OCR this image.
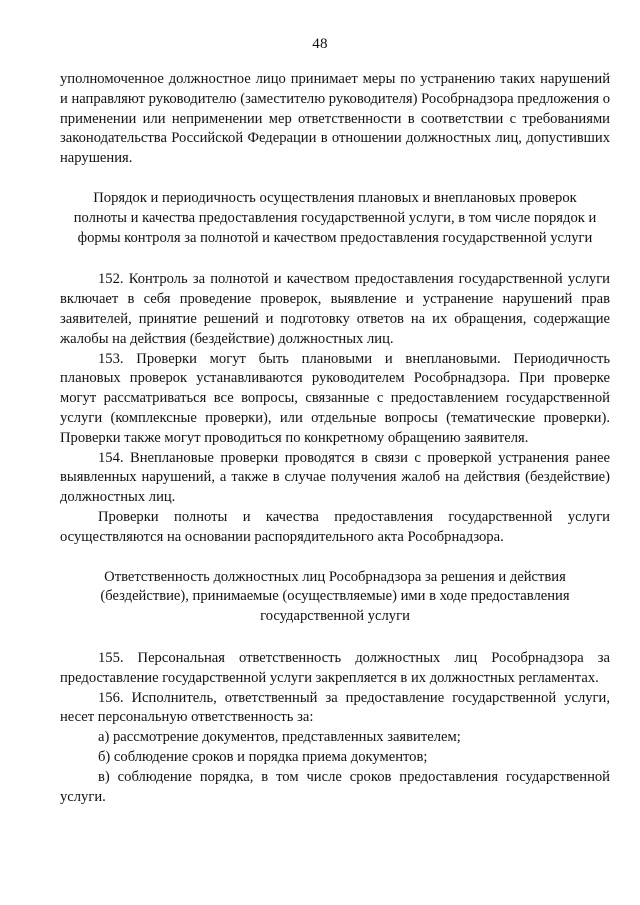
48

уполномоченное должностное лицо принимает меры по устранению таких нарушений и направляют руководителю (заместителю руководителя) Рособрнадзора предложения о применении или неприменении мер ответственности в соответствии с требованиями законодательства Российской Федерации в отношении должностных лиц, допустивших нарушения.

Порядок и периодичность осуществления плановых и внеплановых проверок полноты и качества предоставления государственной услуги, в том числе порядок и формы контроля за полнотой и качеством предоставления государственной услуги

152. Контроль за полнотой и качеством предоставления государственной услуги включает в себя проведение проверок, выявление и устранение нарушений прав заявителей, принятие решений и подготовку ответов на их обращения, содержащие жалобы на действия (бездействие) должностных лиц.

153. Проверки могут быть плановыми и внеплановыми. Периодичность плановых проверок устанавливаются руководителем Рособрнадзора. При проверке могут рассматриваться все вопросы, связанные с предоставлением государственной услуги (комплексные проверки), или отдельные вопросы (тематические проверки). Проверки также могут проводиться по конкретному обращению заявителя.

154. Внеплановые проверки проводятся в связи с проверкой устранения ранее выявленных нарушений, а также в случае получения жалоб на действия (бездействие) должностных лиц.

Проверки полноты и качества предоставления государственной услуги осуществляются на основании распорядительного акта Рособрнадзора.

Ответственность должностных лиц Рособрнадзора за решения и действия (бездействие), принимаемые (осуществляемые) ими в ходе предоставления государственной услуги

155. Персональная ответственность должностных лиц Рособрнадзора за предоставление государственной услуги закрепляется в их должностных регламентах.

156. Исполнитель, ответственный за предоставление государственной услуги, несет персональную ответственность за:

а) рассмотрение документов, представленных заявителем;

б) соблюдение сроков и порядка приема документов;

в) соблюдение порядка, в том числе сроков предоставления государственной услуги.
